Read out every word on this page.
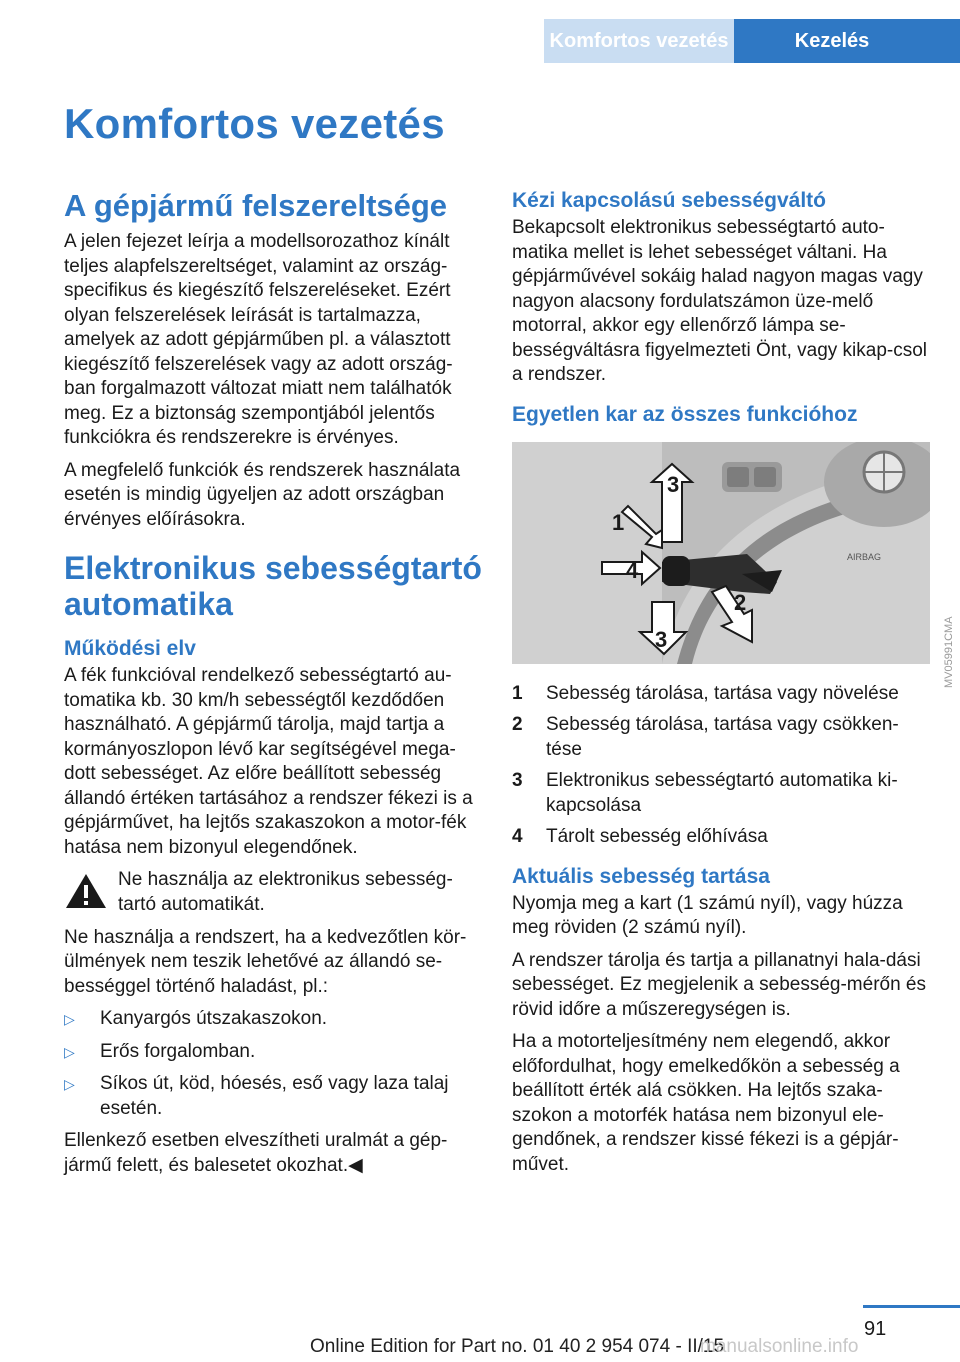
Komfortos vezetés	Kezelés
Komfortos vezetés
A gépjármű felszereltsége

A jelen fejezet leírja a modellsorozathoz kínált teljes alapfelszereltséget, valamint az ország-specifikus és kiegészítő felszereléseket. Ezért olyan felszerelések leírását is tartalmazza, amelyek az adott gépjárműben pl. a választott kiegészítő felszerelések vagy az adott ország-ban forgalmazott változat miatt nem találhatók meg. Ez a biztonság szempontjából jelentős funkciókra és rendszerekre is érvényes.

A megfelelő funkciók és rendszerek használata esetén is mindig ügyeljen az adott országban érvényes előírásokra.

Elektronikus sebességtartó automatika
Működési elv

A fék funkcióval rendelkező sebességtartó au-tomatika kb. 30 km/h sebességtől kezdődően használható. A gépjármű tárolja, majd tartja a kormányoszlopon lévő kar segítségével mega-dott sebességet. Az előre beállított sebesség állandó értéken tartásához a rendszer fékezi is a gépjárművet, ha lejtős szakaszokon a motor-fék hatása nem bizonyul elegendőnek.

Ne használja az elektronikus sebesség-tartó automatikát.

Ne használja a rendszert, ha a kedvezőtlen kör-ülmények nem teszik lehetővé az állandó se-bességgel történő haladást, pl.:

▷	Kanyargós útszakaszokon.
▷	Erős forgalomban.
▷	Síkos út, köd, hóesés, eső vagy laza talaj esetén.

Ellenkező esetben elveszítheti uralmát a gép-jármű felett, és balesetet okozhat.◀

Kézi kapcsolású sebességváltó

Bekapcsolt elektronikus sebességtartó auto-matika mellet is lehet sebességet váltani. Ha gépjárművével sokáig halad nagyon magas vagy nagyon alacsony fordulatszámon üze-melő motorral, akkor egy ellenőrző lámpa se-bességváltásra figyelmezteti Önt, vagy kikap-csol a rendszer.

Egyetlen kar az összes funkcióhoz
AIRBAG
1
2
3
3
4
1	Sebesség tárolása, tartása vagy növelése
2	Sebesség tárolása, tartása vagy csökken-tése
3	Elektronikus sebességtartó automatika ki-kapcsolása
4	Tárolt sebesség előhívása
Aktuális sebesség tartása

Nyomja meg a kart (1 számú nyíl), vagy húzza meg röviden (2 számú nyíl).

A rendszer tárolja és tartja a pillanatnyi hala-dási sebességet. Ez megjelenik a sebesség-mérőn és rövid időre a műszeregységen is.

Ha a motorteljesítmény nem elegendő, akkor előfordulhat, hogy emelkedőkön a sebesség a beállított érték alá csökken. Ha lejtős szaka-szokon a motorfék hatása nem bizonyul ele-gendőnek, a rendszer kissé fékezi is a gépjár-művet.

MV05991CMA
91
Online Edition for Part no. 01 40 2 954 074 - II/15
manualsonline.info
